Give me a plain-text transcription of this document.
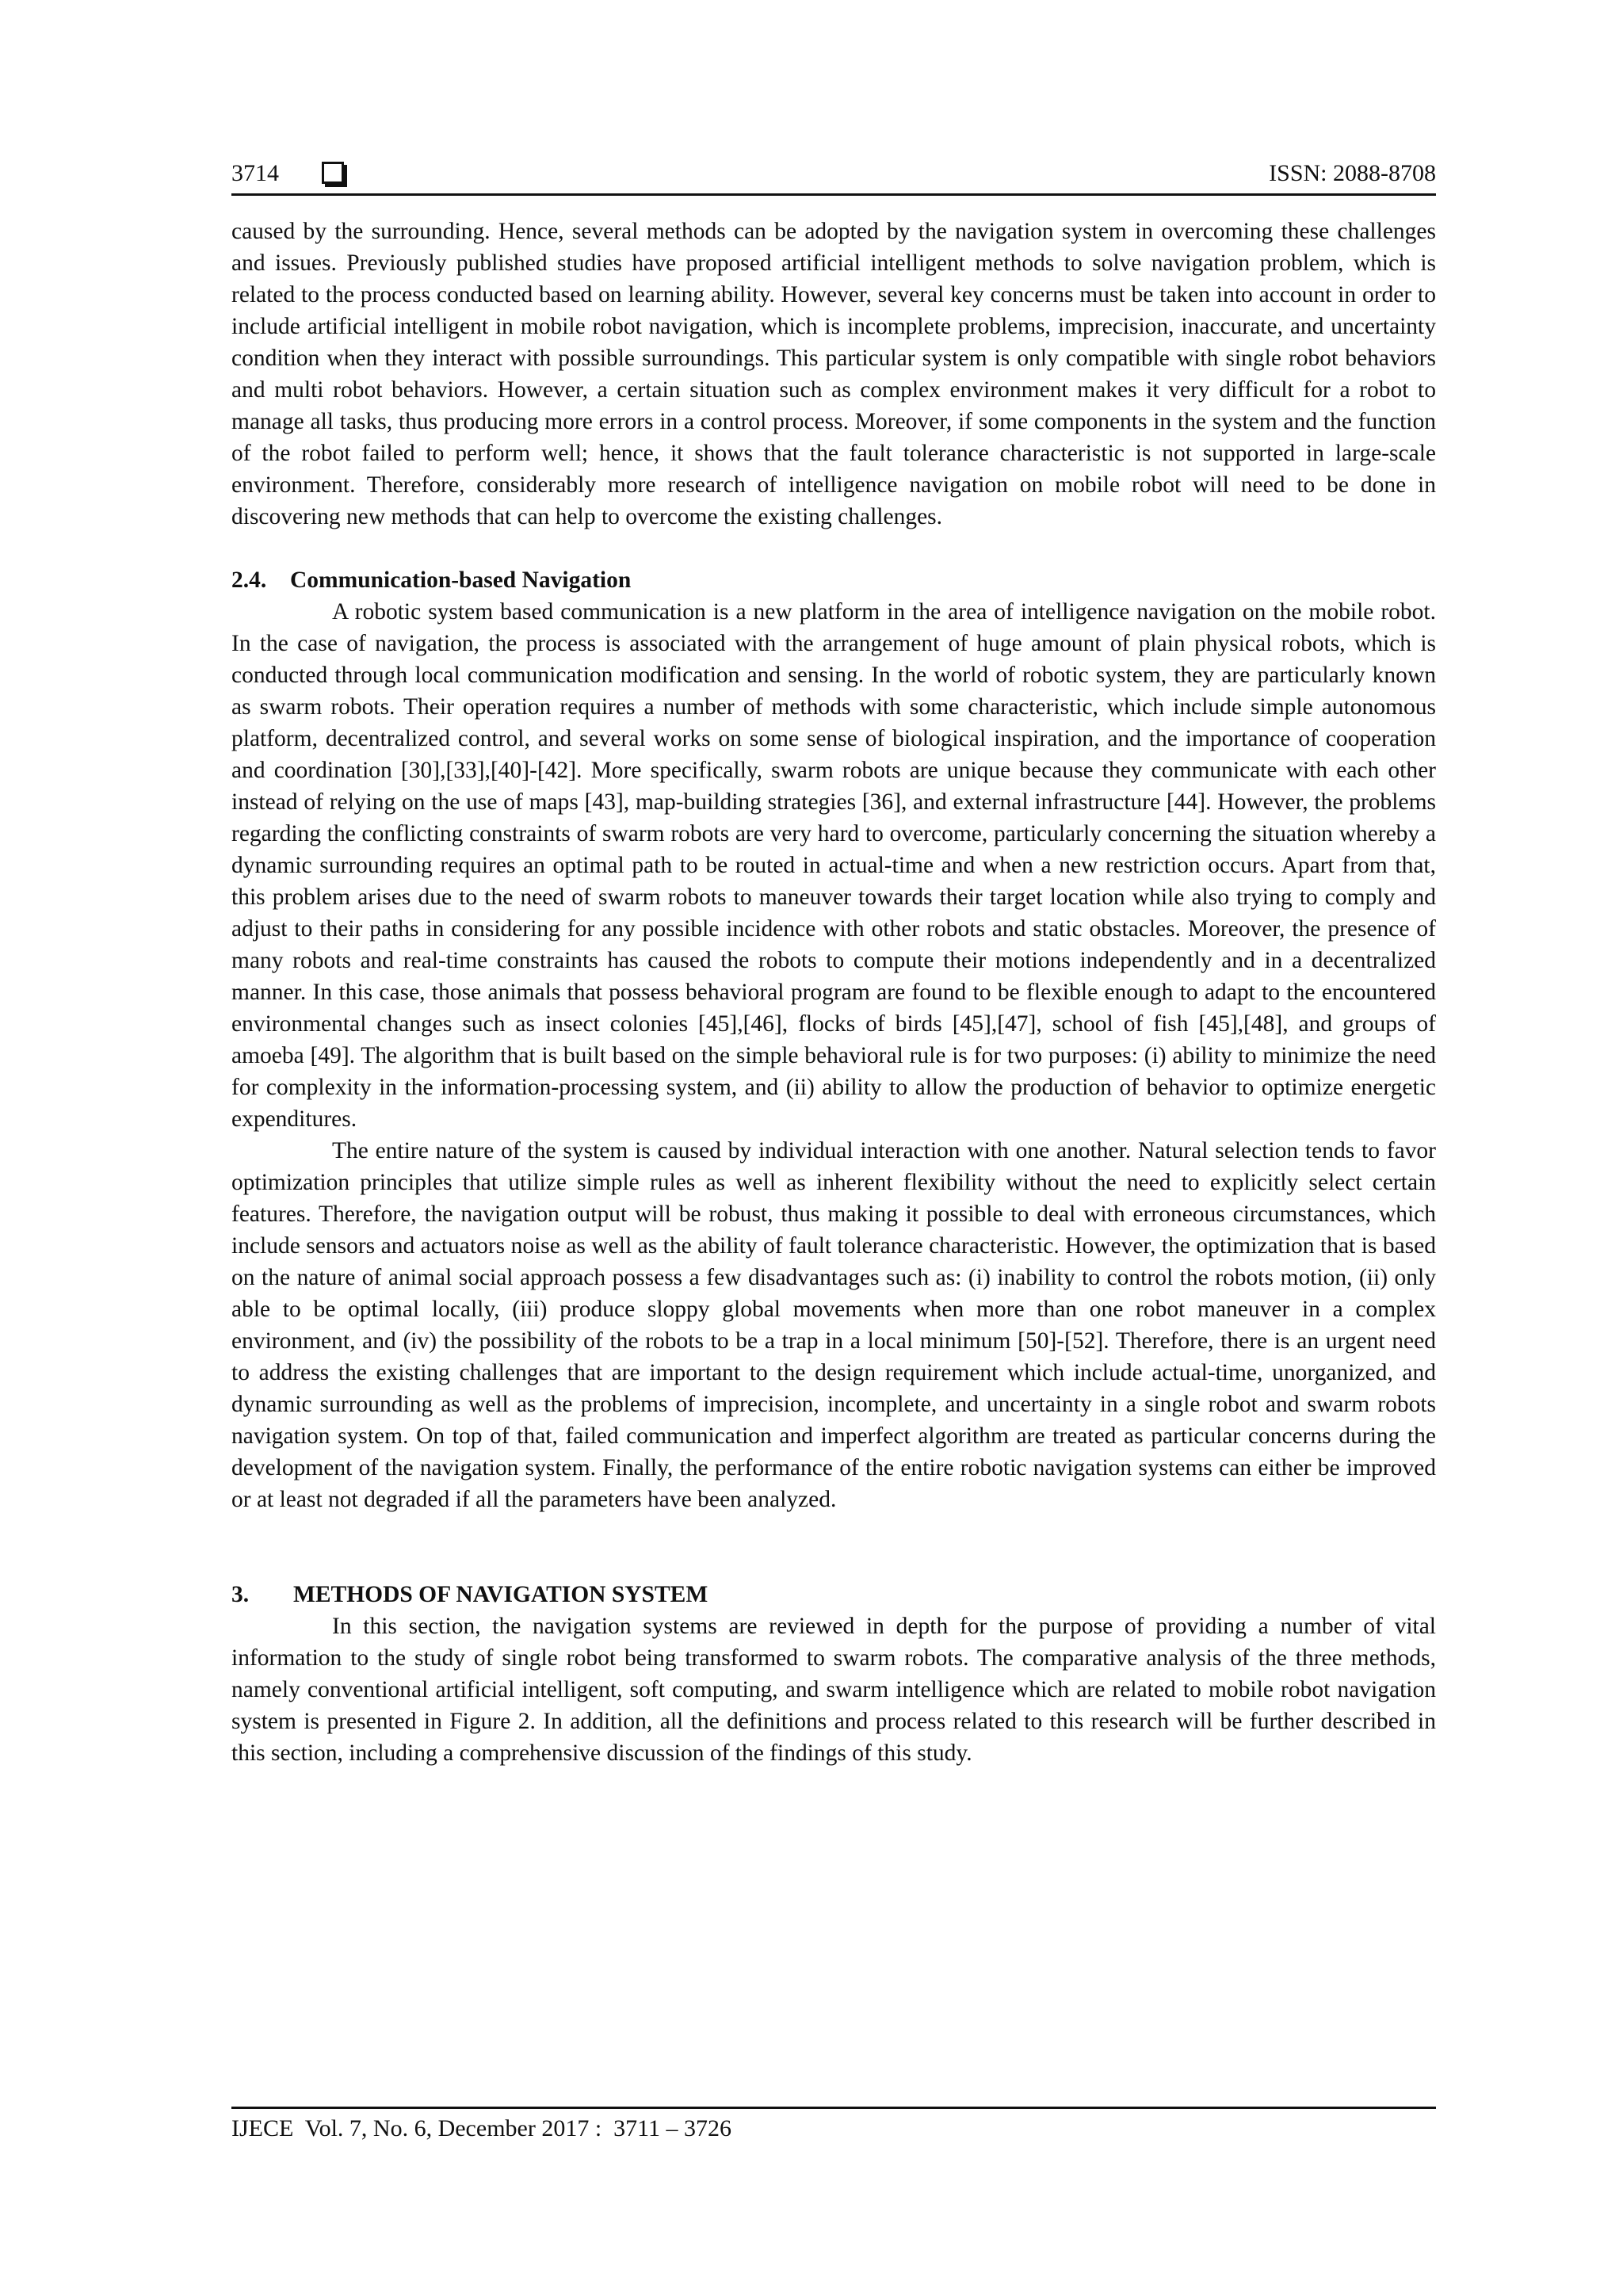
3714	ISSN: 2088-8708

caused by the surrounding. Hence, several methods can be adopted by the navigation system in overcoming these challenges and issues. Previously published studies have proposed artificial intelligent methods to solve navigation problem, which is related to the process conducted based on learning ability. However, several key concerns must be taken into account in order to include artificial intelligent in mobile robot navigation, which is incomplete problems, imprecision, inaccurate, and uncertainty condition when they interact with possible surroundings. This particular system is only compatible with single robot behaviors and multi robot behaviors. However, a certain situation such as complex environment makes it very difficult for a robot to manage all tasks, thus producing more errors in a control process. Moreover, if some components in the system and the function of the robot failed to perform well; hence, it shows that the fault tolerance characteristic is not supported in large-scale environment. Therefore, considerably more research of intelligence navigation on mobile robot will need to be done in discovering new methods that can help to overcome the existing challenges.

2.4. Communication-based Navigation

A robotic system based communication is a new platform in the area of intelligence navigation on the mobile robot. In the case of navigation, the process is associated with the arrangement of huge amount of plain physical robots, which is conducted through local communication modification and sensing. In the world of robotic system, they are particularly known as swarm robots. Their operation requires a number of methods with some characteristic, which include simple autonomous platform, decentralized control, and several works on some sense of biological inspiration, and the importance of cooperation and coordination [30],[33],[40]-[42]. More specifically, swarm robots are unique because they communicate with each other instead of relying on the use of maps [43], map-building strategies [36], and external infrastructure [44]. However, the problems regarding the conflicting constraints of swarm robots are very hard to overcome, particularly concerning the situation whereby a dynamic surrounding requires an optimal path to be routed in actual-time and when a new restriction occurs. Apart from that, this problem arises due to the need of swarm robots to maneuver towards their target location while also trying to comply and adjust to their paths in considering for any possible incidence with other robots and static obstacles. Moreover, the presence of many robots and real-time constraints has caused the robots to compute their motions independently and in a decentralized manner. In this case, those animals that possess behavioral program are found to be flexible enough to adapt to the encountered environmental changes such as insect colonies [45],[46], flocks of birds [45],[47], school of fish [45],[48], and groups of amoeba [49]. The algorithm that is built based on the simple behavioral rule is for two purposes: (i) ability to minimize the need for complexity in the information-processing system, and (ii) ability to allow the production of behavior to optimize energetic expenditures.

The entire nature of the system is caused by individual interaction with one another. Natural selection tends to favor optimization principles that utilize simple rules as well as inherent flexibility without the need to explicitly select certain features. Therefore, the navigation output will be robust, thus making it possible to deal with erroneous circumstances, which include sensors and actuators noise as well as the ability of fault tolerance characteristic. However, the optimization that is based on the nature of animal social approach possess a few disadvantages such as: (i) inability to control the robots motion, (ii) only able to be optimal locally, (iii) produce sloppy global movements when more than one robot maneuver in a complex environment, and (iv) the possibility of the robots to be a trap in a local minimum [50]-[52]. Therefore, there is an urgent need to address the existing challenges that are important to the design requirement which include actual-time, unorganized, and dynamic surrounding as well as the problems of imprecision, incomplete, and uncertainty in a single robot and swarm robots navigation system. On top of that, failed communication and imperfect algorithm are treated as particular concerns during the development of the navigation system. Finally, the performance of the entire robotic navigation systems can either be improved or at least not degraded if all the parameters have been analyzed.

3. METHODS OF NAVIGATION SYSTEM

In this section, the navigation systems are reviewed in depth for the purpose of providing a number of vital information to the study of single robot being transformed to swarm robots. The comparative analysis of the three methods, namely conventional artificial intelligent, soft computing, and swarm intelligence which are related to mobile robot navigation system is presented in Figure 2. In addition, all the definitions and process related to this research will be further described in this section, including a comprehensive discussion of the findings of this study.

IJECE  Vol. 7, No. 6, December 2017 :  3711 – 3726
